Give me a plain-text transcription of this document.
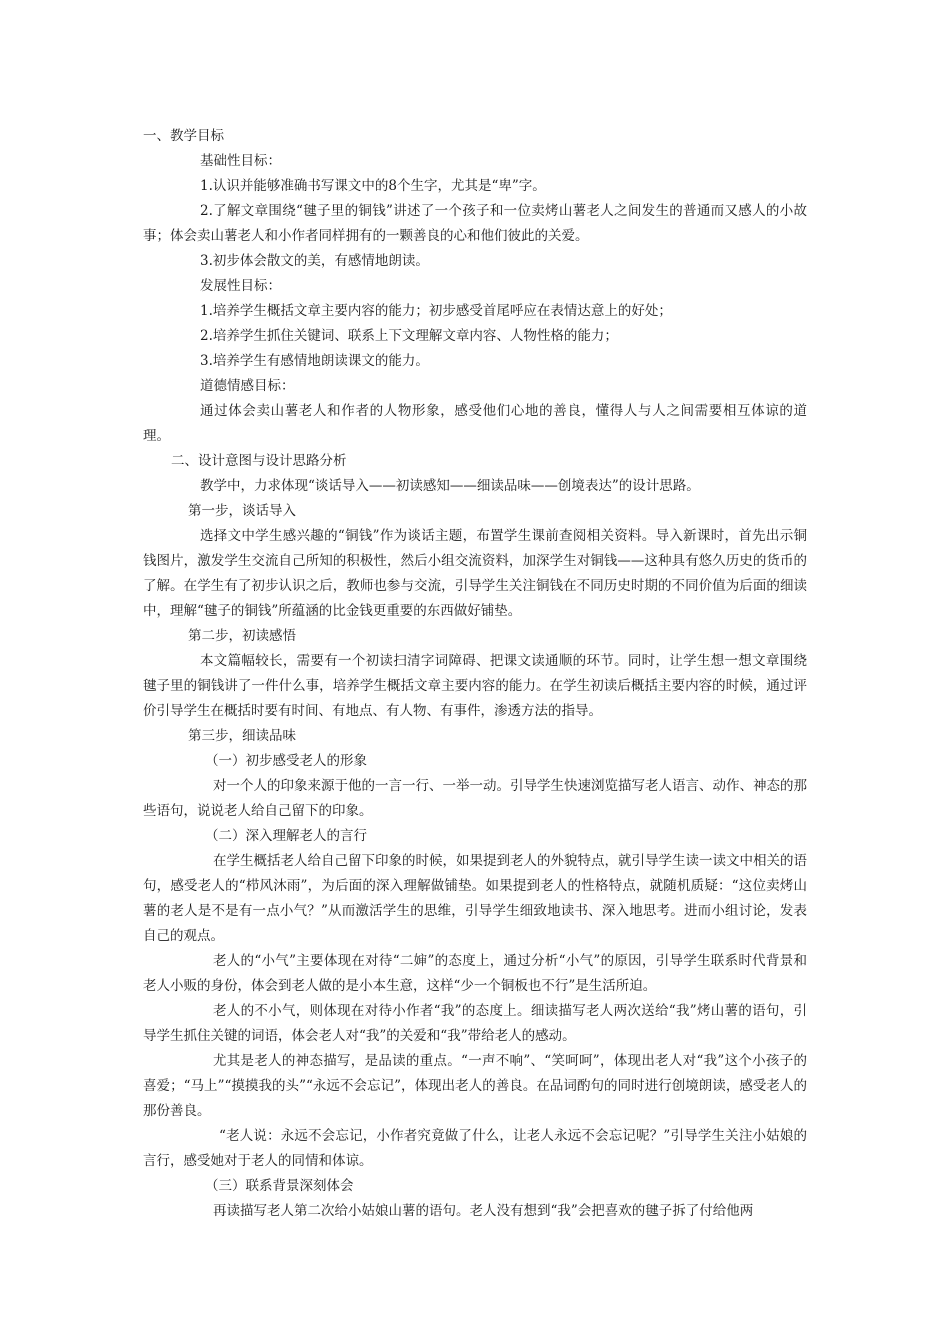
一、教学目标

基础性目标：

1.认识并能够准确书写课文中的8个生字，尤其是“卑”字。

2.了解文章围绕“毽子里的铜钱”讲述了一个孩子和一位卖烤山薯老人之间发生的普通而又感人的小故事；体会卖山薯老人和小作者同样拥有的一颗善良的心和他们彼此的关爱。

3.初步体会散文的美，有感情地朗读。

发展性目标：

1.培养学生概括文章主要内容的能力；初步感受首尾呼应在表情达意上的好处；

2.培养学生抓住关键词、联系上下文理解文章内容、人物性格的能力；

3.培养学生有感情地朗读课文的能力。

道德情感目标：

通过体会卖山薯老人和作者的人物形象，感受他们心地的善良，懂得人与人之间需要相互体谅的道理。

二、设计意图与设计思路分析

教学中，力求体现“谈话导入——初读感知——细读品味——创境表达”的设计思路。

第一步，谈话导入

选择文中学生感兴趣的“铜钱”作为谈话主题，布置学生课前查阅相关资料。导入新课时，首先出示铜钱图片，激发学生交流自己所知的积极性，然后小组交流资料，加深学生对铜钱——这种具有悠久历史的货币的了解。在学生有了初步认识之后，教师也参与交流，引导学生关注铜钱在不同历史时期的不同价值为后面的细读中，理解“毽子的铜钱”所蕴涵的比金钱更重要的东西做好铺垫。

第二步，初读感悟

本文篇幅较长，需要有一个初读扫清字词障碍、把课文读通顺的环节。同时，让学生想一想文章围绕毽子里的铜钱讲了一件什么事，培养学生概括文章主要内容的能力。在学生初读后概括主要内容的时候，通过评价引导学生在概括时要有时间、有地点、有人物、有事件，渗透方法的指导。

第三步，细读品味

（一）初步感受老人的形象

对一个人的印象来源于他的一言一行、一举一动。引导学生快速浏览描写老人语言、动作、神态的那些语句，说说老人给自己留下的印象。

（二）深入理解老人的言行

在学生概括老人给自己留下印象的时候，如果提到老人的外貌特点，就引导学生读一读文中相关的语句，感受老人的“栉风沐雨”，为后面的深入理解做铺垫。如果提到老人的性格特点，就随机质疑：“这位卖烤山薯的老人是不是有一点小气？”从而激活学生的思维，引导学生细致地读书、深入地思考。进而小组讨论，发表自己的观点。

老人的“小气”主要体现在对待“二婶”的态度上，通过分析“小气”的原因，引导学生联系时代背景和老人小贩的身份，体会到老人做的是小本生意，这样“少一个铜板也不行”是生活所迫。

老人的不小气，则体现在对待小作者“我”的态度上。细读描写老人两次送给“我”烤山薯的语句，引导学生抓住关键的词语，体会老人对“我”的关爱和“我”带给老人的感动。

尤其是老人的神态描写，是品读的重点。“一声不响”、“笑呵呵”，体现出老人对“我”这个小孩子的喜爱；“马上”“摸摸我的头”“永远不会忘记”，体现出老人的善良。在品词酌句的同时进行创境朗读，感受老人的那份善良。

“老人说：永远不会忘记，小作者究竟做了什么，让老人永远不会忘记呢？”引导学生关注小姑娘的言行，感受她对于老人的同情和体谅。

（三）联系背景深刻体会

再读描写老人第二次给小姑娘山薯的语句。老人没有想到“我”会把喜欢的毽子拆了付给他两
